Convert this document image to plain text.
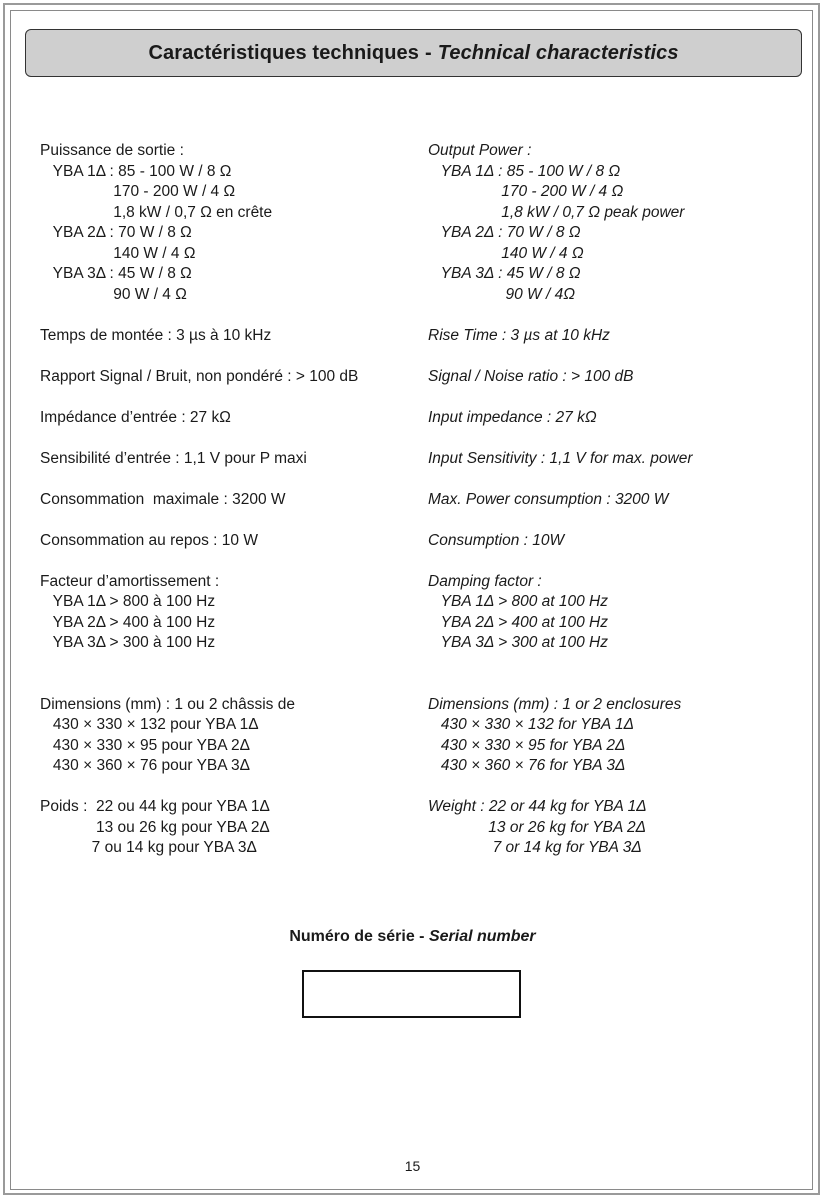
Caractéristiques techniques - Technical characteristics
Puissance de sortie :
YBA 1Δ : 85 - 100 W / 8 Ω
170 - 200 W / 4 Ω
1,8 kW / 0,7 Ω en crête
YBA 2Δ : 70 W / 8 Ω
140 W / 4 Ω
YBA 3Δ : 45 W / 8 Ω
90 W / 4 Ω
Temps de montée : 3 µs à 10 kHz
Rapport Signal / Bruit, non pondéré : > 100 dB
Impédance d’entrée : 27 kΩ
Sensibilité d’entrée : 1,1 V pour P maxi
Consommation  maximale : 3200 W
Consommation au repos : 10 W
Facteur d’amortissement :
YBA 1Δ > 800 à 100 Hz
YBA 2Δ > 400 à 100 Hz
YBA 3Δ > 300 à 100 Hz
Dimensions (mm) : 1 ou 2 châssis de
430 × 330 × 132 pour YBA 1Δ
430 × 330 × 95 pour YBA 2Δ
430 × 360 × 76 pour YBA 3Δ
Poids :  22 ou 44 kg pour YBA 1Δ
13 ou 26 kg pour YBA 2Δ
7 ou 14 kg pour YBA 3Δ
Output Power :
YBA 1Δ : 85 - 100 W / 8 Ω
170 - 200 W / 4 Ω
1,8 kW / 0,7 Ω peak power
YBA 2Δ : 70 W / 8 Ω
140 W / 4 Ω
YBA 3Δ : 45 W / 8 Ω
90 W / 4Ω
Rise Time : 3 µs at 10 kHz
Signal / Noise ratio : > 100 dB
Input impedance : 27 kΩ
Input Sensitivity : 1,1 V for max. power
Max. Power consumption : 3200 W
Consumption : 10W
Damping factor :
YBA 1Δ > 800 at 100 Hz
YBA 2Δ > 400 at 100 Hz
YBA 3Δ > 300 at 100 Hz
Dimensions (mm) : 1 or 2 enclosures
430 × 330 × 132 for YBA 1Δ
430 × 330 × 95 for YBA 2Δ
430 × 360 × 76 for YBA 3Δ
Weight : 22 or 44 kg for YBA 1Δ
13 or 26 kg for YBA 2Δ
7 or 14 kg for YBA 3Δ
Numéro de série - Serial number
15
